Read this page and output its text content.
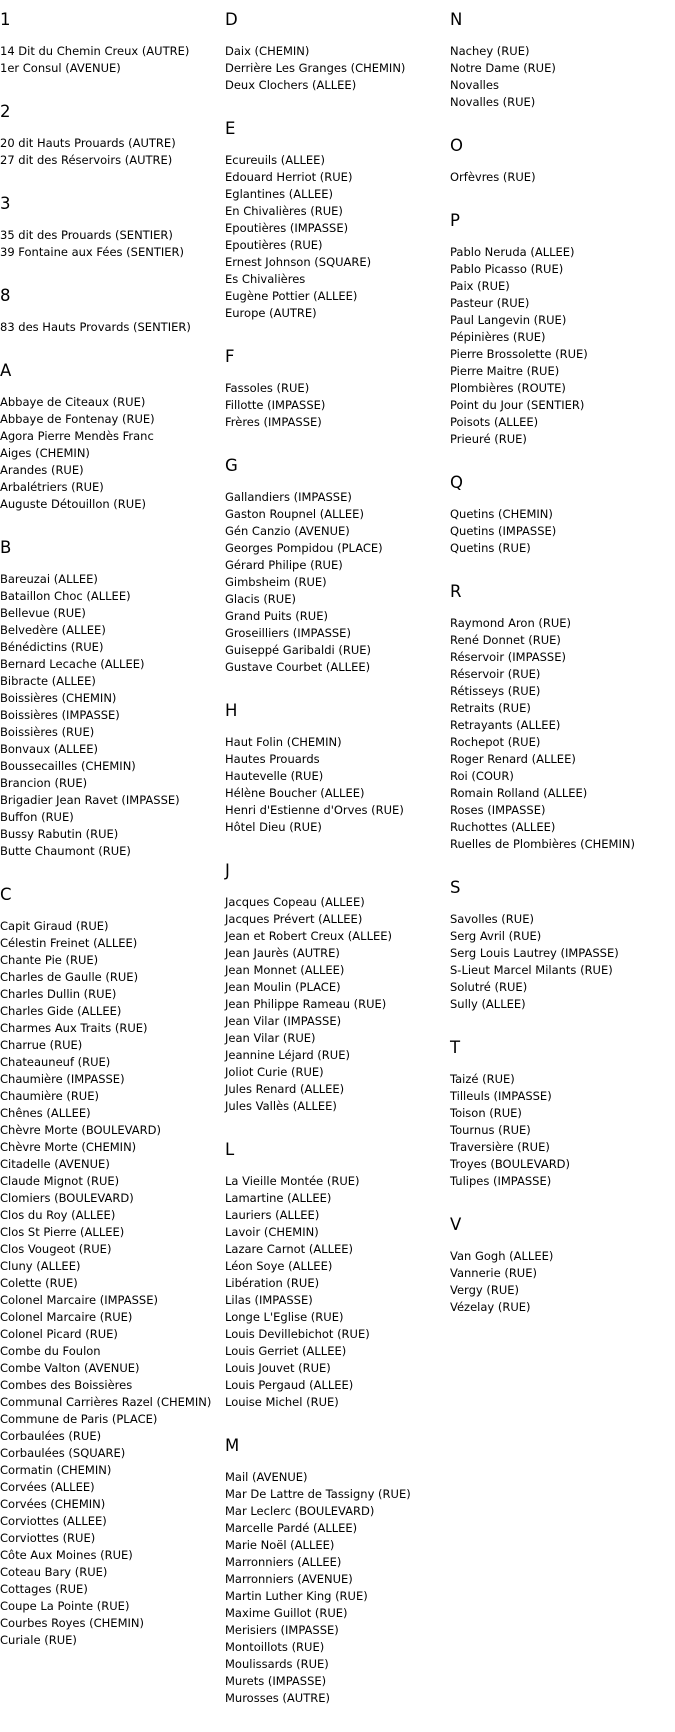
1
14 Dit du Chemin Creux (AUTRE)
1er Consul (AVENUE)
2
20 dit Hauts Prouards (AUTRE)
27 dit des Réservoirs (AUTRE)
3
35 dit des Prouards (SENTIER)
39 Fontaine aux Fées (SENTIER)
8
83 des Hauts Provards (SENTIER)
A
Abbaye de Citeaux (RUE)
Abbaye de Fontenay (RUE)
Agora Pierre Mendès Franc
Aiges (CHEMIN)
Arandes (RUE)
Arbalétriers (RUE)
Auguste Détouillon (RUE)
B
Bareuzai (ALLEE)
Bataillon Choc (ALLEE)
Bellevue (RUE)
Belvedère (ALLEE)
Bénédictins (RUE)
Bernard Lecache (ALLEE)
Bibracte (ALLEE)
Boissières (CHEMIN)
Boissières (IMPASSE)
Boissières (RUE)
Bonvaux (ALLEE)
Boussecailles (CHEMIN)
Brancion (RUE)
Brigadier Jean Ravet (IMPASSE)
Buffon (RUE)
Bussy Rabutin (RUE)
Butte Chaumont (RUE)
C
Capit Giraud (RUE)
Célestin Freinet (ALLEE)
Chante Pie (RUE)
Charles de Gaulle (RUE)
Charles Dullin (RUE)
Charles Gide (ALLEE)
Charmes Aux Traits (RUE)
Charrue (RUE)
Chateauneuf (RUE)
Chaumière (IMPASSE)
Chaumière (RUE)
Chênes (ALLEE)
Chèvre Morte (BOULEVARD)
Chèvre Morte (CHEMIN)
Citadelle (AVENUE)
Claude Mignot (RUE)
Clomiers (BOULEVARD)
Clos du Roy (ALLEE)
Clos St Pierre (ALLEE)
Clos Vougeot (RUE)
Cluny (ALLEE)
Colette (RUE)
Colonel Marcaire (IMPASSE)
Colonel Marcaire (RUE)
Colonel Picard (RUE)
Combe du Foulon
Combe Valton (AVENUE)
Combes des Boissières
Communal Carrières Razel (CHEMIN)
Commune de Paris (PLACE)
Corbaulées (RUE)
Corbaulées (SQUARE)
Cormatin (CHEMIN)
Corvées (ALLEE)
Corvées (CHEMIN)
Corviottes (ALLEE)
Corviottes (RUE)
Côte Aux Moines (RUE)
Coteau Bary (RUE)
Cottages (RUE)
Coupe La Pointe (RUE)
Courbes Royes (CHEMIN)
Curiale (RUE)
D
Daix (CHEMIN)
Derrière Les Granges (CHEMIN)
Deux Clochers (ALLEE)
E
Ecureuils (ALLEE)
Edouard Herriot (RUE)
Eglantines (ALLEE)
En Chivalières (RUE)
Epoutières (IMPASSE)
Epoutières (RUE)
Ernest Johnson (SQUARE)
Es Chivalières
Eugène Pottier (ALLEE)
Europe (AUTRE)
F
Fassoles (RUE)
Fillotte (IMPASSE)
Frères (IMPASSE)
G
Gallandiers (IMPASSE)
Gaston Roupnel (ALLEE)
Gén Canzio (AVENUE)
Georges Pompidou (PLACE)
Gérard Philipe (RUE)
Gimbsheim (RUE)
Glacis (RUE)
Grand Puits (RUE)
Groseilliers (IMPASSE)
Guiseppé Garibaldi (RUE)
Gustave Courbet (ALLEE)
H
Haut Folin (CHEMIN)
Hautes Prouards
Hautevelle (RUE)
Hélène Boucher (ALLEE)
Henri d'Estienne d'Orves (RUE)
Hôtel Dieu (RUE)
J
Jacques Copeau (ALLEE)
Jacques Prévert (ALLEE)
Jean et Robert Creux (ALLEE)
Jean Jaurès (AUTRE)
Jean Monnet (ALLEE)
Jean Moulin (PLACE)
Jean Philippe Rameau (RUE)
Jean Vilar (IMPASSE)
Jean Vilar (RUE)
Jeannine Léjard (RUE)
Joliot Curie (RUE)
Jules Renard (ALLEE)
Jules Vallès (ALLEE)
L
La Vieille Montée (RUE)
Lamartine (ALLEE)
Lauriers (ALLEE)
Lavoir (CHEMIN)
Lazare Carnot (ALLEE)
Léon Soye (ALLEE)
Libération (RUE)
Lilas (IMPASSE)
Longe L'Eglise (RUE)
Louis Devillebichot (RUE)
Louis Gerriet (ALLEE)
Louis Jouvet (RUE)
Louis Pergaud (ALLEE)
Louise Michel (RUE)
M
Mail (AVENUE)
Mar De Lattre de Tassigny (RUE)
Mar Leclerc (BOULEVARD)
Marcelle Pardé (ALLEE)
Marie Noël (ALLEE)
Marronniers (ALLEE)
Marronniers (AVENUE)
Martin Luther King (RUE)
Maxime Guillot (RUE)
Merisiers (IMPASSE)
Montoillots (RUE)
Moulissards (RUE)
Murets (IMPASSE)
Murosses (AUTRE)
N
Nachey (RUE)
Notre Dame (RUE)
Novalles
Novalles (RUE)
O
Orfèvres (RUE)
P
Pablo Neruda (ALLEE)
Pablo Picasso (RUE)
Paix (RUE)
Pasteur (RUE)
Paul Langevin (RUE)
Pépinières (RUE)
Pierre Brossolette (RUE)
Pierre Maitre (RUE)
Plombières (ROUTE)
Point du Jour (SENTIER)
Poisots (ALLEE)
Prieuré (RUE)
Q
Quetins (CHEMIN)
Quetins (IMPASSE)
Quetins (RUE)
R
Raymond Aron (RUE)
René Donnet (RUE)
Réservoir (IMPASSE)
Réservoir (RUE)
Rétisseys (RUE)
Retraits (RUE)
Retrayants (ALLEE)
Rochepot (RUE)
Roger Renard (ALLEE)
Roi (COUR)
Romain Rolland (ALLEE)
Roses (IMPASSE)
Ruchottes (ALLEE)
Ruelles de Plombières (CHEMIN)
S
Savolles (RUE)
Serg Avril (RUE)
Serg Louis Lautrey (IMPASSE)
S-Lieut Marcel Milants (RUE)
Solutré (RUE)
Sully (ALLEE)
T
Taizé (RUE)
Tilleuls (IMPASSE)
Toison (RUE)
Tournus (RUE)
Traversière (RUE)
Troyes (BOULEVARD)
Tulipes (IMPASSE)
V
Van Gogh (ALLEE)
Vannerie (RUE)
Vergy (RUE)
Vézelay (RUE)
